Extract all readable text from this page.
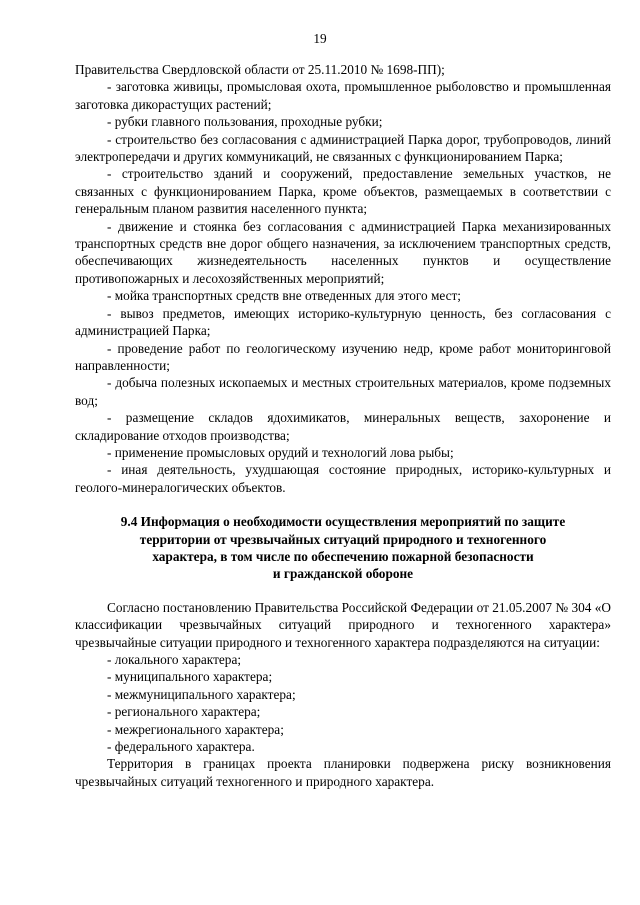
19

Правительства Свердловской области от 25.11.2010 № 1698-ПП);

- заготовка живицы, промысловая охота, промышленное рыболовство и промышленная заготовка дикорастущих растений;

- рубки главного пользования, проходные рубки;

- строительство без согласования с администрацией Парка дорог, трубопроводов, линий электропередачи и других коммуникаций, не связанных с функционированием Парка;

- строительство зданий и сооружений, предоставление земельных участков, не связанных с функционированием Парка, кроме объектов, размещаемых в соответствии с генеральным планом развития населенного пункта;

- движение и стоянка без согласования с администрацией Парка механизированных транспортных средств вне дорог общего назначения, за исключением транспортных средств, обеспечивающих жизнедеятельность населенных пунктов и осуществление противопожарных и лесохозяйственных мероприятий;

- мойка транспортных средств вне отведенных для этого мест;

- вывоз предметов, имеющих историко-культурную ценность, без согласования с администрацией Парка;

- проведение работ по геологическому изучению недр, кроме работ мониторинговой направленности;

- добыча полезных ископаемых и местных строительных материалов, кроме подземных вод;

- размещение складов ядохимикатов, минеральных веществ, захоронение и складирование отходов производства;

- применение промысловых орудий и технологий лова рыбы;

- иная деятельность, ухудшающая состояние природных, историко-культурных и геолого-минералогических объектов.

9.4 Информация о необходимости осуществления мероприятий по защите
территории от чрезвычайных ситуаций природного и техногенного
характера, в том числе по обеспечению пожарной безопасности
и гражданской обороне

Согласно постановлению Правительства Российской Федерации от 21.05.2007 № 304 «О классификации чрезвычайных ситуаций природного и техногенного характера» чрезвычайные ситуации природного и техногенного характера подразделяются на ситуации:

- локального характера;

- муниципального характера;

- межмуниципального характера;

- регионального характера;

- межрегионального характера;

- федерального характера.

Территория в границах проекта планировки подвержена риску возникновения чрезвычайных ситуаций техногенного и природного характера.
